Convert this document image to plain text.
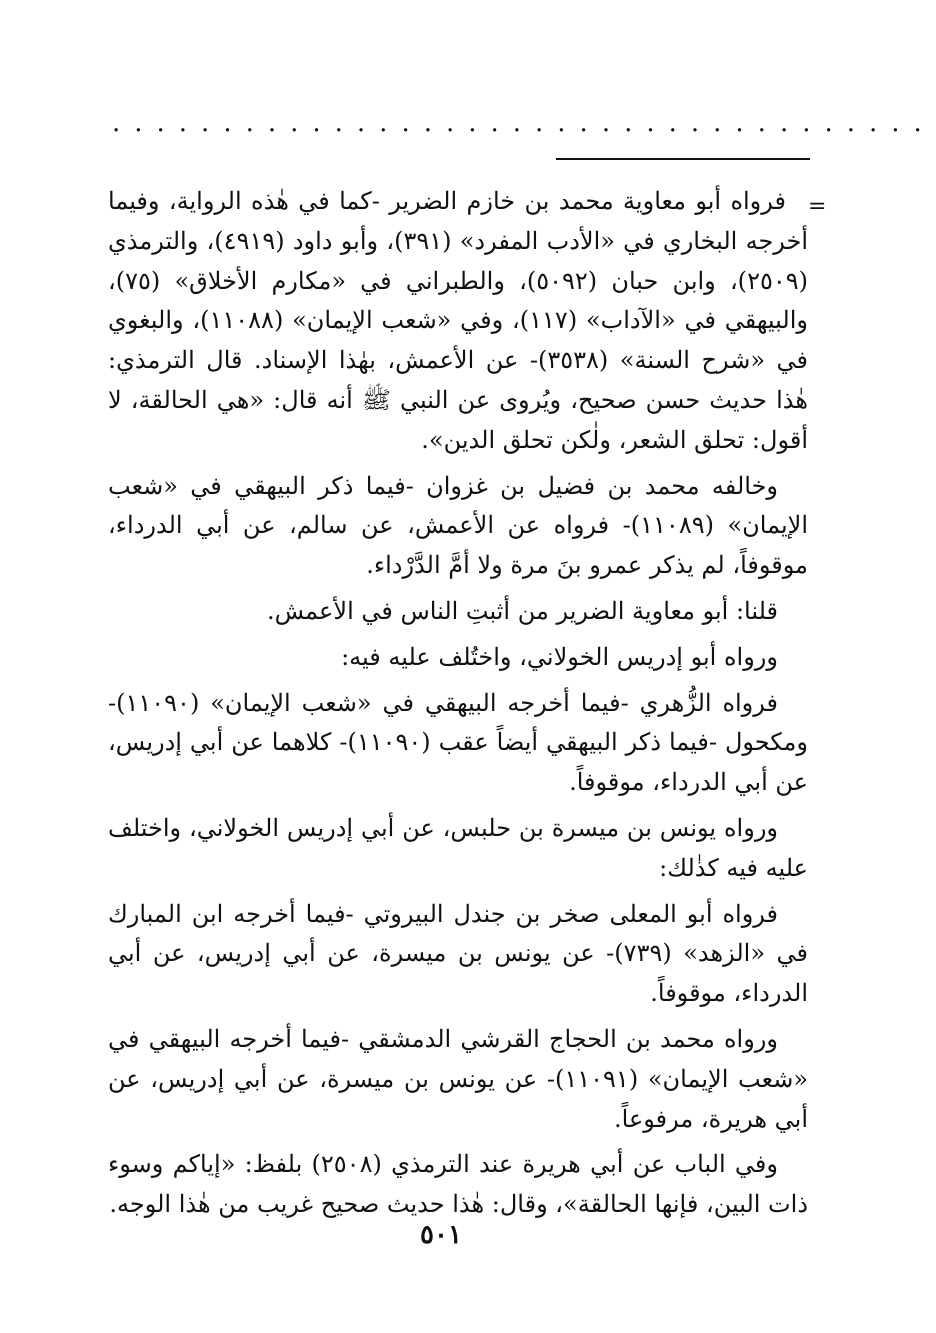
.....................................
=

فرواه أبو معاوية محمد بن خازم الضرير -كما في هٰذه الرواية، وفيما أخرجه البخاري في «الأدب المفرد» (٣٩١)، وأبو داود (٤٩١٩)، والترمذي (٢٥٠٩)، وابن حبان (٥٠٩٢)، والطبراني في «مكارم الأخلاق» (٧٥)، والبيهقي في «الآداب» (١١٧)، وفي «شعب الإيمان» (١١٠٨٨)، والبغوي في «شرح السنة» (٣٥٣٨)- عن الأعمش، بهٰذا الإسناد. قال الترمذي: هٰذا حديث حسن صحيح، ويُروى عن النبي ﷺ أنه قال: «هي الحالقة، لا أقول: تحلق الشعر، ولٰكن تحلق الدين».

وخالفه محمد بن فضيل بن غزوان -فيما ذكر البيهقي في «شعب الإيمان» (١١٠٨٩)- فرواه عن الأعمش، عن سالم، عن أبي الدرداء، موقوفاً، لم يذكر عمرو بنَ مرة ولا أمَّ الدَّرْداء.

قلنا: أبو معاوية الضرير من أثبتِ الناس في الأعمش.

ورواه أبو إدريس الخولاني، واختُلف عليه فيه:

فرواه الزُّهري -فيما أخرجه البيهقي في «شعب الإيمان» (١١٠٩٠)- ومكحول -فيما ذكر البيهقي أيضاً عقب (١١٠٩٠)- كلاهما عن أبي إدريس، عن أبي الدرداء، موقوفاً.

ورواه يونس بن ميسرة بن حلبس، عن أبي إدريس الخولاني، واختلف عليه فيه كذٰلك:

فرواه أبو المعلى صخر بن جندل البيروتي -فيما أخرجه ابن المبارك في «الزهد» (٧٣٩)- عن يونس بن ميسرة، عن أبي إدريس، عن أبي الدرداء، موقوفاً.

ورواه محمد بن الحجاج القرشي الدمشقي -فيما أخرجه البيهقي في «شعب الإيمان» (١١٠٩١)- عن يونس بن ميسرة، عن أبي إدريس، عن أبي هريرة، مرفوعاً.

وفي الباب عن أبي هريرة عند الترمذي (٢٥٠٨) بلفظ: «إياكم وسوء ذات البين، فإنها الحالقة»، وقال: هٰذا حديث صحيح غريب من هٰذا الوجه.

٥٠١
